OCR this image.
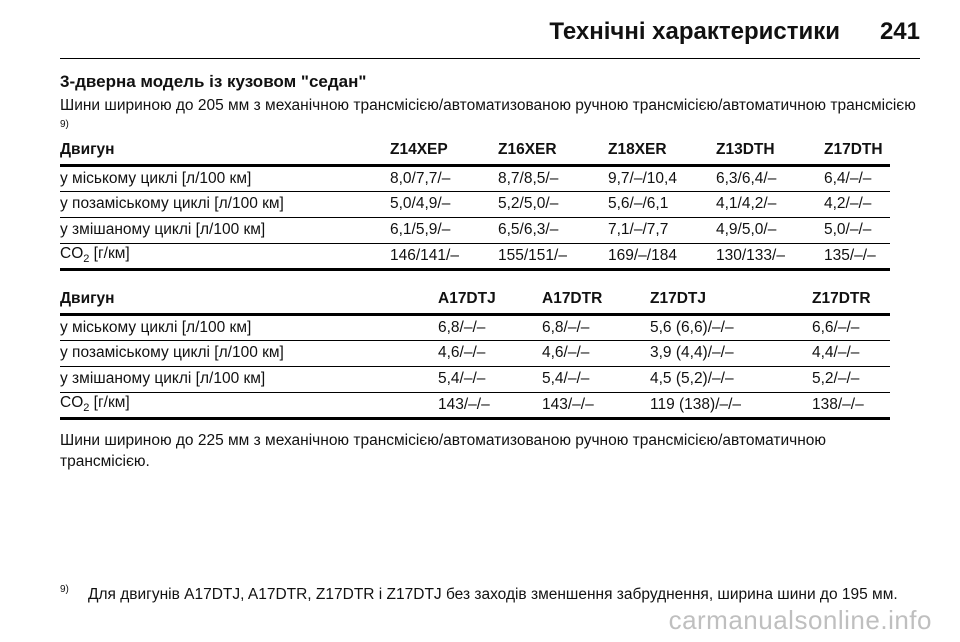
Технічні характеристики 241
3-дверна модель із кузовом "седан"
Шини шириною до 205 мм з механічною трансмісією/автоматизованою ручною трансмісією/автоматичною трансмісією $^{9)}$
Двигун	Z14XEP	Z16XER	Z18XER	Z13DTH	Z17DTH
у міському циклі [л/100 км]	8,0/7,7/–	8,7/8,5/–	9,7/–/10,4	6,3/6,4/–	6,4/–/–
у позаміському циклі [л/100 км]	5,0/4,9/–	5,2/5,0/–	5,6/–/6,1	4,1/4,2/–	4,2/–/–
у змішаному циклі [л/100 км]	6,1/5,9/–	6,5/6,3/–	7,1/–/7,7	4,9/5,0/–	5,0/–/–
$CO_2$ [г/км]	146/141/–	155/151/–	169/–/184	130/133/–	135/–/–
Двигун	A17DTJ	A17DTR	Z17DTJ	Z17DTR
у міському циклі [л/100 км]	6,8/–/–	6,8/–/–	5,6 (6,6)/–/–	6,6/–/–
у позаміському циклі [л/100 км]	4,6/–/–	4,6/–/–	3,9 (4,4)/–/–	4,4/–/–
у змішаному циклі [л/100 км]	5,4/–/–	5,4/–/–	4,5 (5,2)/–/–	5,2/–/–
$CO_2$ [г/км]	143/–/–	143/–/–	119 (138)/–/–	138/–/–
Шини шириною до 225 мм з механічною трансмісією/автоматизованою ручною трансмісією/автоматичною трансмісією.
9) Для двигунів A17DTJ, A17DTR, Z17DTR і Z17DTJ без заходів зменшення забруднення, ширина шини до 195 мм.
carmanualsonline.info
